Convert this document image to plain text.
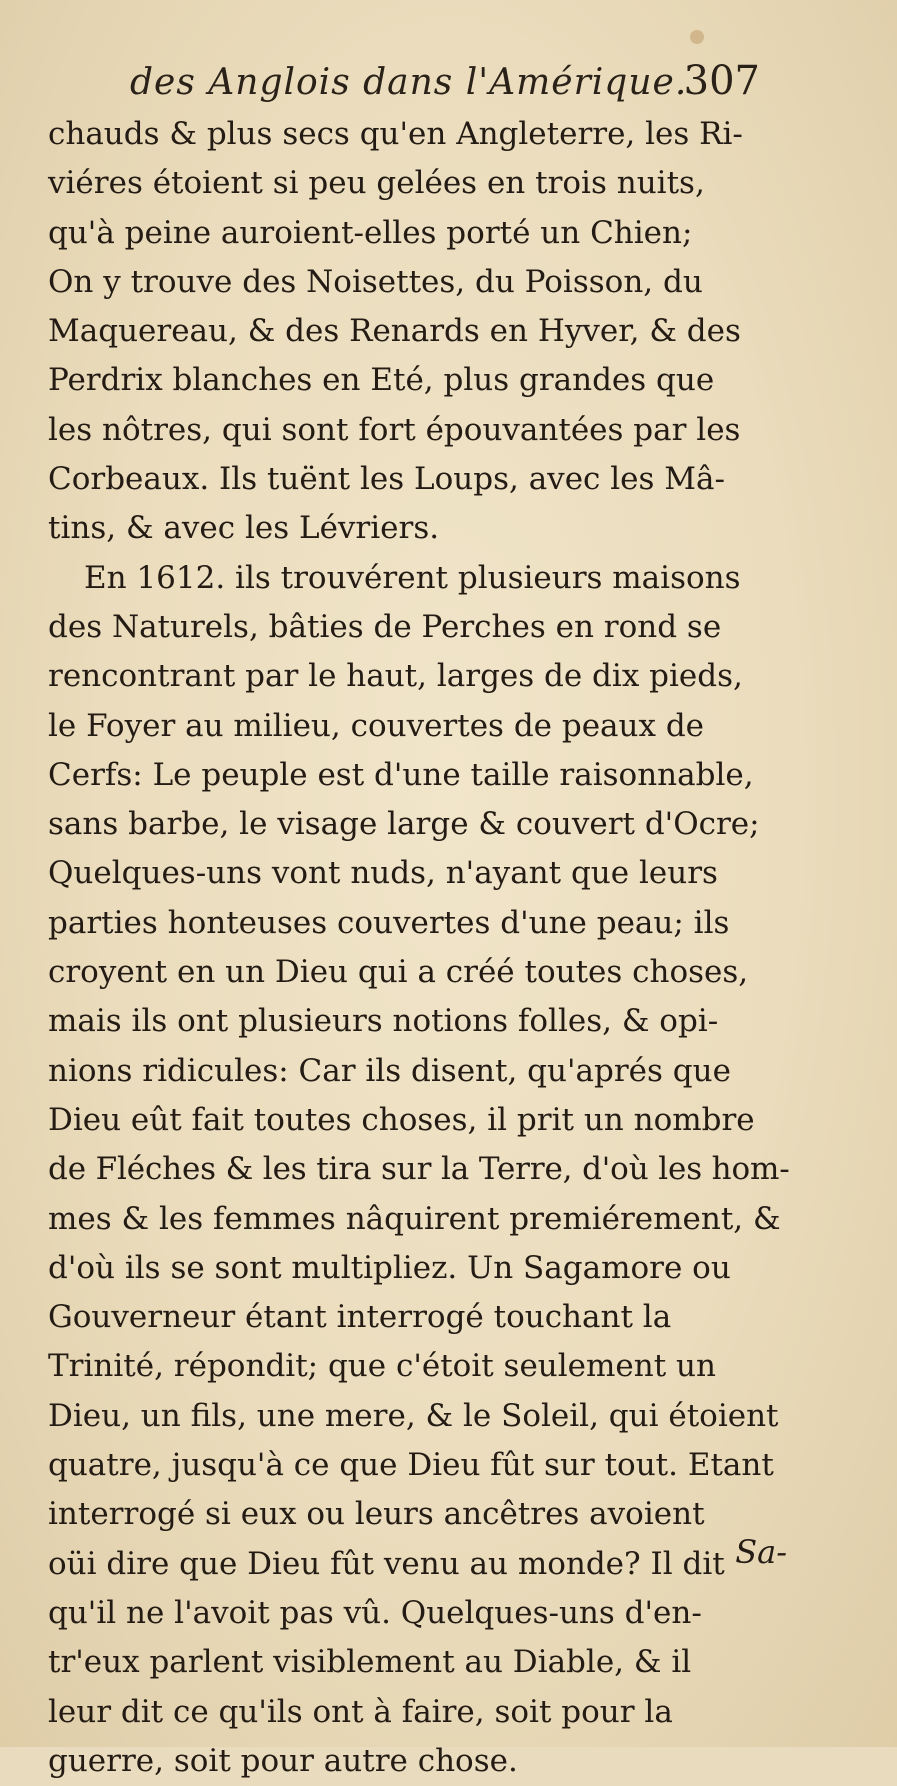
des Anglois dans l'Amérique.
307
chauds & plus secs qu'en Angleterre, les Ri-
viéres étoient si peu gelées en trois nuits,
qu'à peine auroient-elles porté un Chien;
On y trouve des Noisettes, du Poisson, du
Maquereau, & des Renards en Hyver, & des
Perdrix blanches en Eté, plus grandes que
les nôtres, qui sont fort épouvantées par les
Corbeaux. Ils tuënt les Loups, avec les Mâ-
tins, & avec les Lévriers.
En 1612. ils trouvérent plusieurs maisons
des Naturels, bâties de Perches en rond se
rencontrant par le haut, larges de dix pieds,
le Foyer au milieu, couvertes de peaux de
Cerfs: Le peuple est d'une taille raisonnable,
sans barbe, le visage large & couvert d'Ocre;
Quelques-uns vont nuds, n'ayant que leurs
parties honteuses couvertes d'une peau; ils
croyent en un Dieu qui a créé toutes choses,
mais ils ont plusieurs notions folles, & opi-
nions ridicules: Car ils disent, qu'aprés que
Dieu eût fait toutes choses, il prit un nombre
de Fléches & les tira sur la Terre, d'où les hom-
mes & les femmes nâquirent premiérement, &
d'où ils se sont multipliez. Un Sagamore ou
Gouverneur étant interrogé touchant la
Trinité, répondit; que c'étoit seulement un
Dieu, un fils, une mere, & le Soleil, qui étoient
quatre, jusqu'à ce que Dieu fût sur tout. Etant
interrogé si eux ou leurs ancêtres avoient
oüi dire que Dieu fût venu au monde? Il dit
qu'il ne l'avoit pas vû. Quelques-uns d'en-
tr'eux parlent visiblement au Diable, & il
leur dit ce qu'ils ont à faire, soit pour la
guerre, soit pour autre chose.
Sa-
